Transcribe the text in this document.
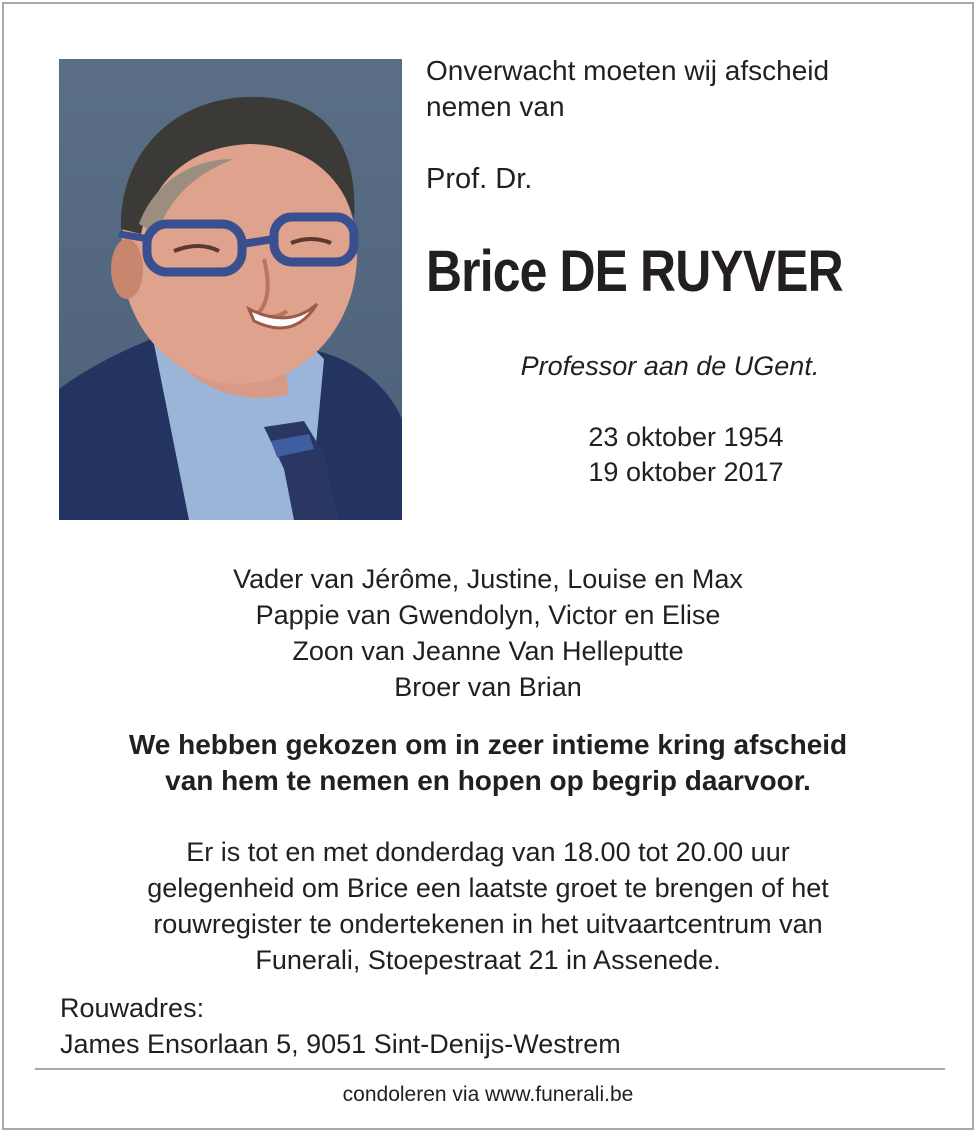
Onverwacht moeten wij afscheid
nemen van
Prof. Dr.
Brice DE RUYVER
Professor aan de UGent.
23 oktober 1954
19 oktober 2017
Vader van Jérôme, Justine, Louise en Max
Pappie van Gwendolyn, Victor en Elise
Zoon van Jeanne Van Helleputte
Broer van Brian
We hebben gekozen om in zeer intieme kring afscheid
van hem te nemen en hopen op begrip daarvoor.
Er is tot en met donderdag van 18.00 tot 20.00 uur
gelegenheid om Brice een laatste groet te brengen of het
rouwregister te ondertekenen in het uitvaartcentrum van
Funerali, Stoepestraat 21 in Assenede.
Rouwadres:
James Ensorlaan 5, 9051 Sint-Denijs-Westrem
condoleren via www.funerali.be
